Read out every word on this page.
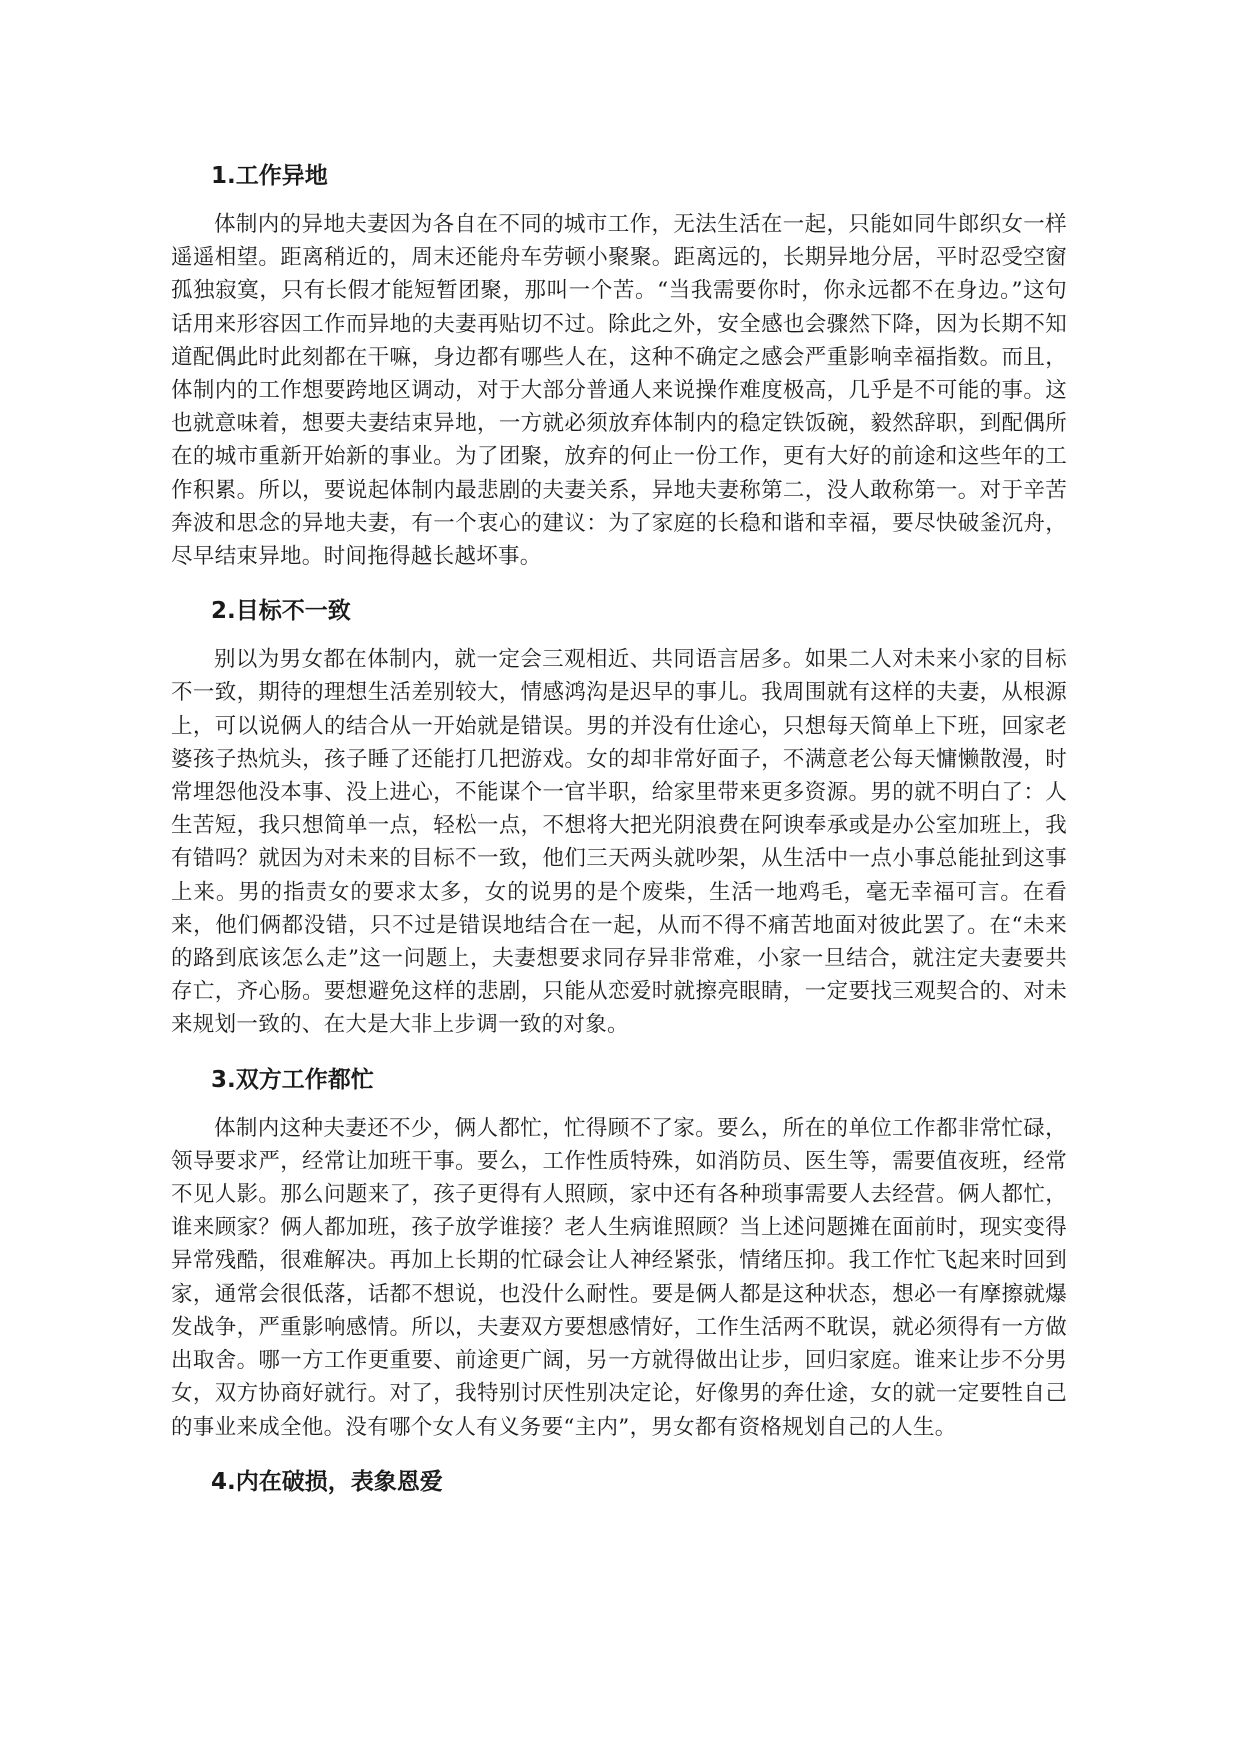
1.工作异地

体制内的异地夫妻因为各自在不同的城市工作，无法生活在一起，只能如同牛郎织女一样遥遥相望。距离稍近的，周末还能舟车劳顿小聚聚。距离远的，长期异地分居，平时忍受空窗孤独寂寞，只有长假才能短暂团聚，那叫一个苦。“当我需要你时，你永远都不在身边。”这句话用来形容因工作而异地的夫妻再贴切不过。除此之外，安全感也会骤然下降，因为长期不知道配偶此时此刻都在干嘛，身边都有哪些人在，这种不确定之感会严重影响幸福指数。而且，体制内的工作想要跨地区调动，对于大部分普通人来说操作难度极高，几乎是不可能的事。这也就意味着，想要夫妻结束异地，一方就必须放弃体制内的稳定铁饭碗，毅然辞职，到配偶所在的城市重新开始新的事业。为了团聚，放弃的何止一份工作，更有大好的前途和这些年的工作积累。所以，要说起体制内最悲剧的夫妻关系，异地夫妻称第二，没人敢称第一。对于辛苦奔波和思念的异地夫妻，有一个衷心的建议：为了家庭的长稳和谐和幸福，要尽快破釜沉舟，尽早结束异地。时间拖得越长越坏事。

2.目标不一致

别以为男女都在体制内，就一定会三观相近、共同语言居多。如果二人对未来小家的目标不一致，期待的理想生活差别较大，情感鸿沟是迟早的事儿。我周围就有这样的夫妻，从根源上，可以说俩人的结合从一开始就是错误。男的并没有仕途心，只想每天简单上下班，回家老婆孩子热炕头，孩子睡了还能打几把游戏。女的却非常好面子，不满意老公每天慵懒散漫，时常埋怨他没本事、没上进心，不能谋个一官半职，给家里带来更多资源。男的就不明白了：人生苦短，我只想简单一点，轻松一点，不想将大把光阴浪费在阿谀奉承或是办公室加班上，我有错吗？就因为对未来的目标不一致，他们三天两头就吵架，从生活中一点小事总能扯到这事上来。男的指责女的要求太多，女的说男的是个废柴，生活一地鸡毛，毫无幸福可言。在看来，他们俩都没错，只不过是错误地结合在一起，从而不得不痛苦地面对彼此罢了。在“未来的路到底该怎么走”这一问题上，夫妻想要求同存异非常难，小家一旦结合，就注定夫妻要共存亡，齐心肠。要想避免这样的悲剧，只能从恋爱时就擦亮眼睛，一定要找三观契合的、对未来规划一致的、在大是大非上步调一致的对象。

3.双方工作都忙

体制内这种夫妻还不少，俩人都忙，忙得顾不了家。要么，所在的单位工作都非常忙碌，领导要求严，经常让加班干事。要么，工作性质特殊，如消防员、医生等，需要值夜班，经常不见人影。那么问题来了，孩子更得有人照顾，家中还有各种琐事需要人去经营。俩人都忙，谁来顾家？俩人都加班，孩子放学谁接？老人生病谁照顾？当上述问题摊在面前时，现实变得异常残酷，很难解决。再加上长期的忙碌会让人神经紧张，情绪压抑。我工作忙飞起来时回到家，通常会很低落，话都不想说，也没什么耐性。要是俩人都是这种状态，想必一有摩擦就爆发战争，严重影响感情。所以，夫妻双方要想感情好，工作生活两不耽误，就必须得有一方做出取舍。哪一方工作更重要、前途更广阔，另一方就得做出让步，回归家庭。谁来让步不分男女，双方协商好就行。对了，我特别讨厌性别决定论，好像男的奔仕途，女的就一定要牲自己的事业来成全他。没有哪个女人有义务要“主内”，男女都有资格规划自己的人生。

4.内在破损，表象恩爱
